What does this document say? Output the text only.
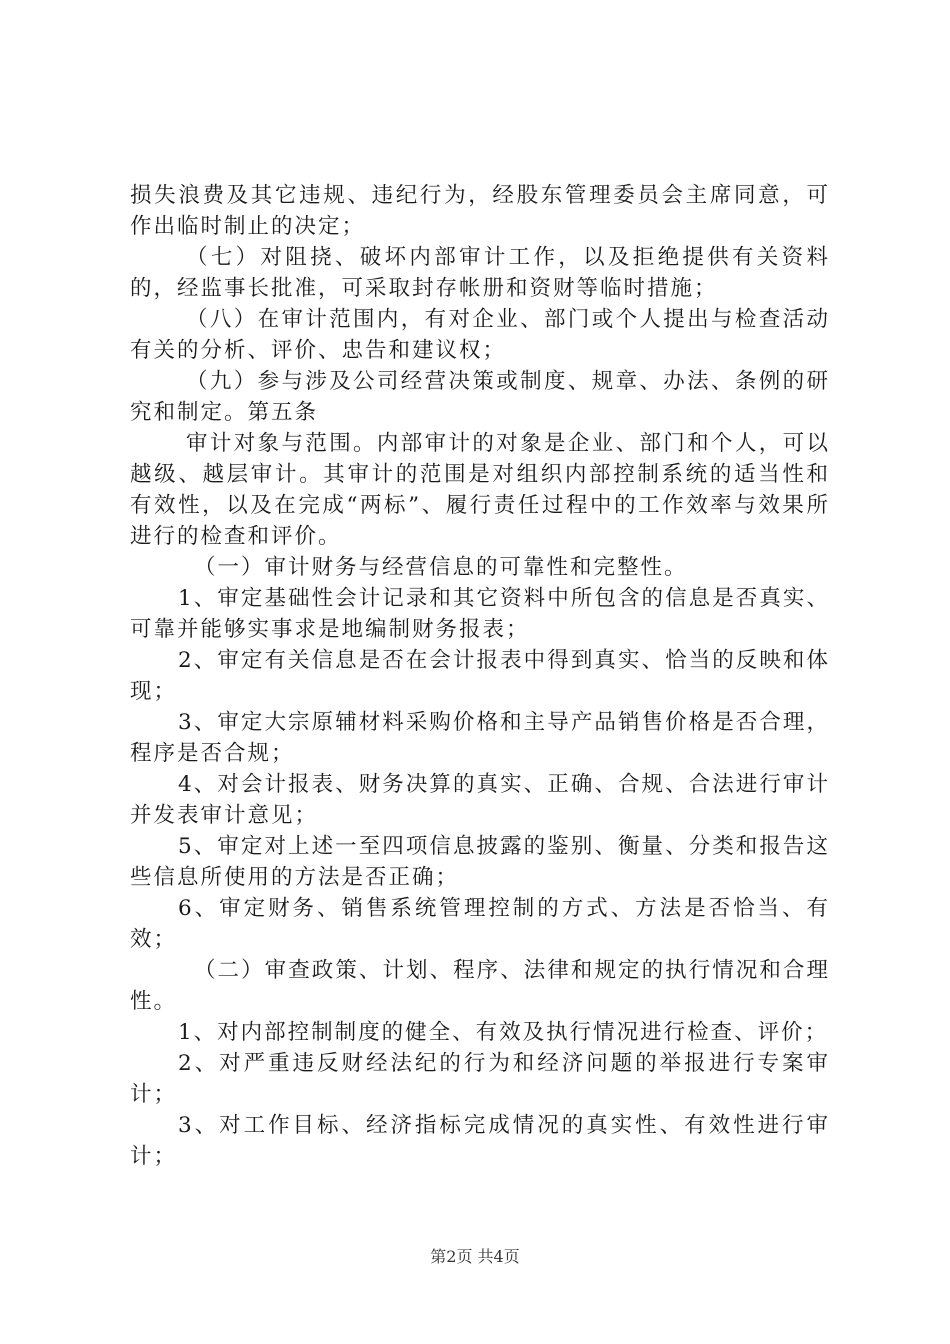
损失浪费及其它违规、违纪行为，经股东管理委员会主席同意，可作出临时制止的决定；

（七）对阻挠、破坏内部审计工作，以及拒绝提供有关资料的，经监事长批准，可采取封存帐册和资财等临时措施；

（八）在审计范围内，有对企业、部门或个人提出与检查活动有关的分析、评价、忠告和建议权；

（九）参与涉及公司经营决策或制度、规章、办法、条例的研究和制定。第五条

审计对象与范围。内部审计的对象是企业、部门和个人，可以越级、越层审计。其审计的范围是对组织内部控制系统的适当性和有效性，以及在完成“两标”、履行责任过程中的工作效率与效果所进行的检查和评价。

（一）审计财务与经营信息的可靠性和完整性。

1、审定基础性会计记录和其它资料中所包含的信息是否真实、可靠并能够实事求是地编制财务报表；

2、审定有关信息是否在会计报表中得到真实、恰当的反映和体现；

3、审定大宗原辅材料采购价格和主导产品销售价格是否合理，程序是否合规；

4、对会计报表、财务决算的真实、正确、合规、合法进行审计并发表审计意见；

5、审定对上述一至四项信息披露的鉴别、衡量、分类和报告这些信息所使用的方法是否正确；

6、审定财务、销售系统管理控制的方式、方法是否恰当、有效；

（二）审查政策、计划、程序、法律和规定的执行情况和合理性。

1、对内部控制制度的健全、有效及执行情况进行检查、评价；

2、对严重违反财经法纪的行为和经济问题的举报进行专案审计；

3、对工作目标、经济指标完成情况的真实性、有效性进行审计；

第2页 共4页
